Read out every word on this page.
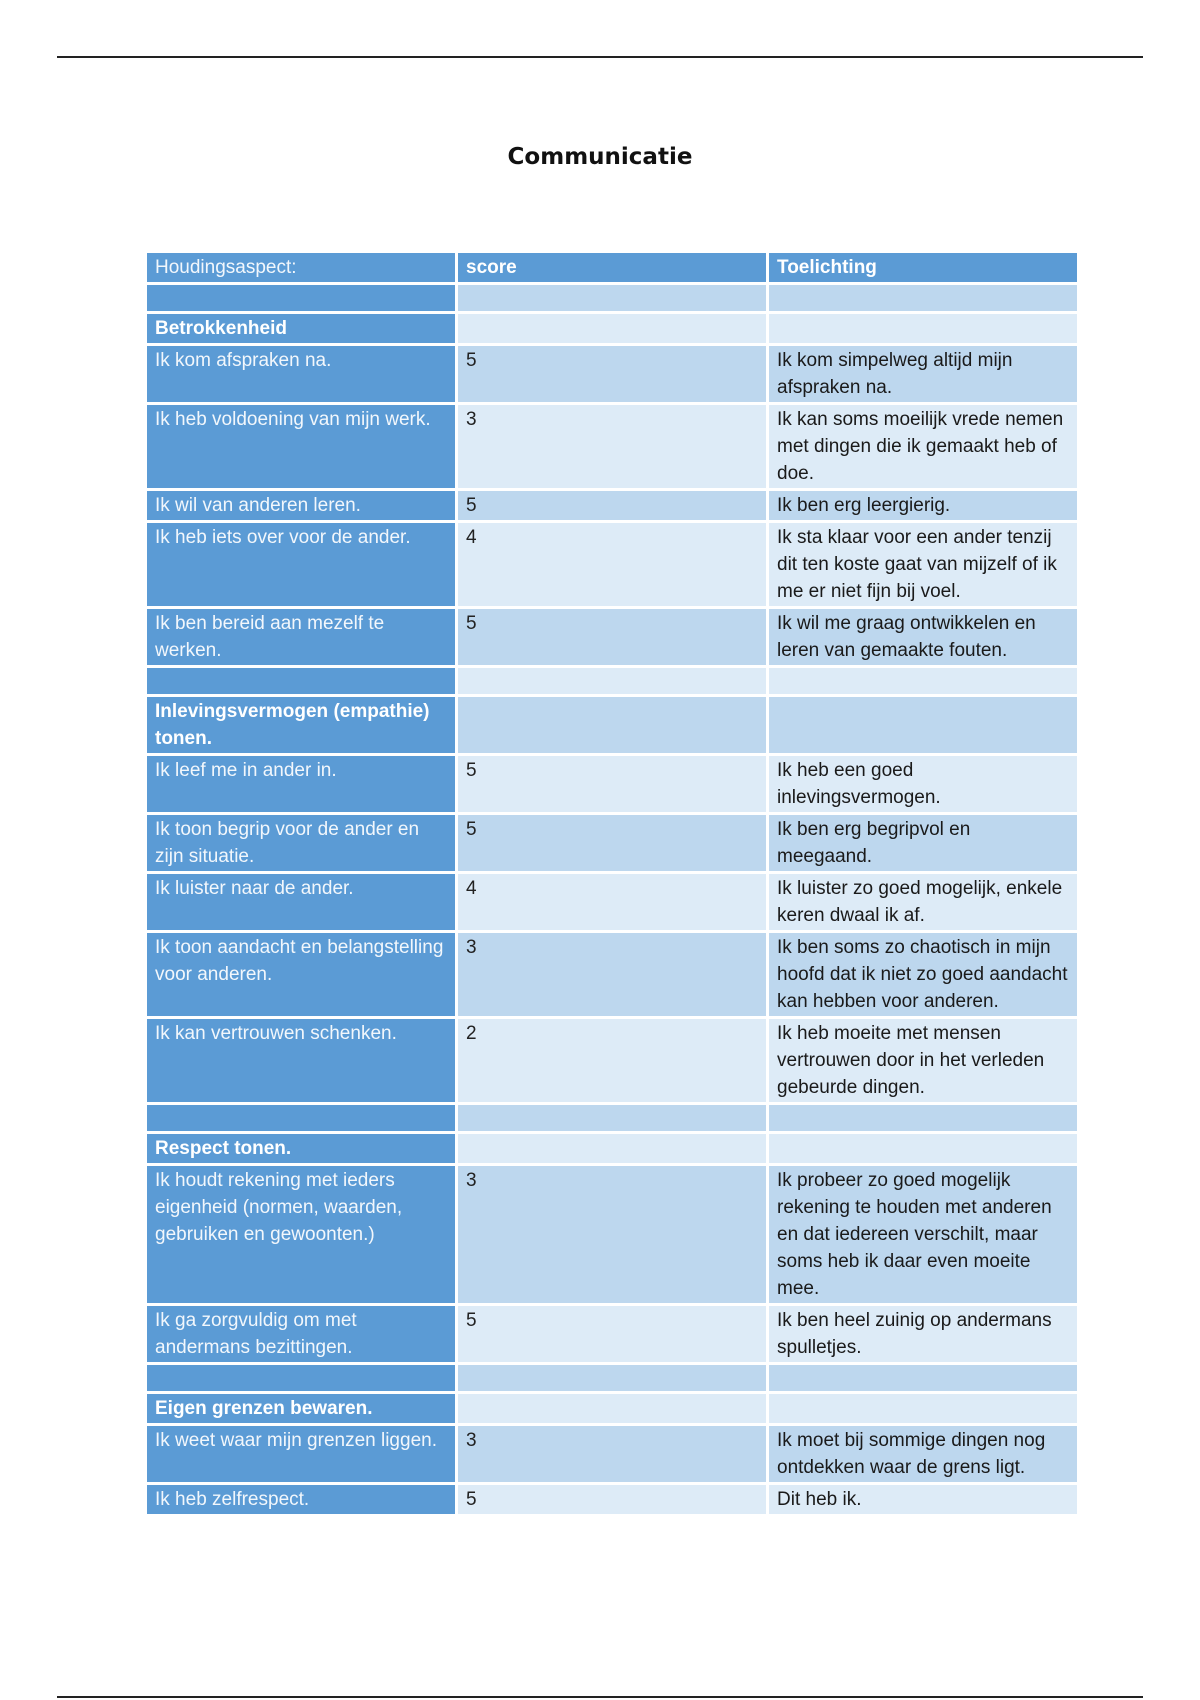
Communicatie
Houdingsaspect:	score	Toelichting

Betrokkenheid		
Ik kom afspraken na.	5	Ik kom simpelweg altijd mijn afspraken na.
Ik heb voldoening van mijn werk.	3	Ik kan soms moeilijk vrede nemen met dingen die ik gemaakt heb of doe.
Ik wil van anderen leren.	5	Ik ben erg leergierig.
Ik heb iets over voor de ander.	4	Ik sta klaar voor een ander tenzij dit ten koste gaat van mijzelf of ik me er niet fijn bij voel.
Ik ben bereid aan mezelf te werken.	5	Ik wil me graag ontwikkelen en leren van gemaakte fouten.

Inlevingsvermogen (empathie) tonen.		
Ik leef me in ander in.	5	Ik heb een goed inlevingsvermogen.
Ik toon begrip voor de ander en zijn situatie.	5	Ik ben erg begripvol en meegaand.
Ik luister naar de ander.	4	Ik luister zo goed mogelijk, enkele keren dwaal ik af.
Ik toon aandacht en belangstelling voor anderen.	3	Ik ben soms zo chaotisch in mijn hoofd dat ik niet zo goed aandacht kan hebben voor anderen.
Ik kan vertrouwen schenken.	2	Ik heb moeite met mensen vertrouwen door in het verleden gebeurde dingen.

Respect tonen.		
Ik houdt rekening met ieders eigenheid (normen, waarden, gebruiken en gewoonten.)	3	Ik probeer zo goed mogelijk rekening te houden met anderen en dat iedereen verschilt, maar soms heb ik daar even moeite mee.
Ik ga zorgvuldig om met andermans bezittingen.	5	Ik ben heel zuinig op andermans spulletjes.

Eigen grenzen bewaren.		
Ik weet waar mijn grenzen liggen.	3	Ik moet bij sommige dingen nog ontdekken waar de grens ligt.
Ik heb zelfrespect.	5	Dit heb ik.
